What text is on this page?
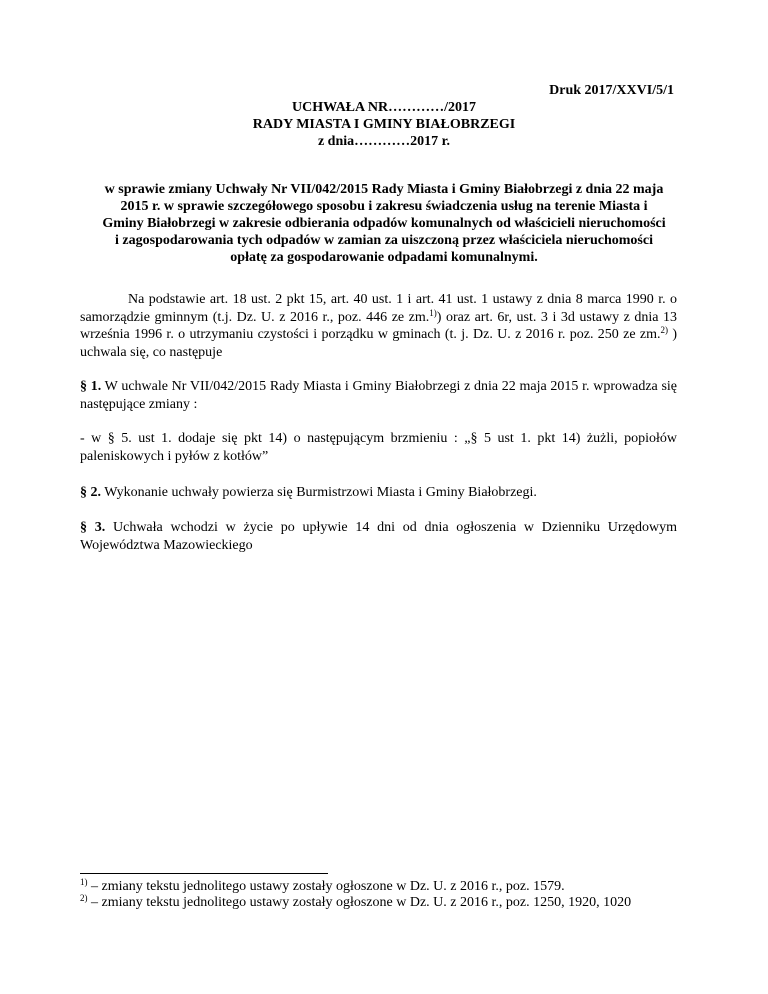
Druk 2017/XXVI/5/1
UCHWAŁA NR…………/2017
RADY MIASTA I GMINY BIAŁOBRZEGI
z dnia…………2017 r.
w sprawie zmiany Uchwały Nr VII/042/2015 Rady Miasta i Gminy Białobrzegi z dnia 22 maja 2015 r. w sprawie szczegółowego sposobu i zakresu świadczenia usług na terenie Miasta i Gminy Białobrzegi w zakresie odbierania odpadów komunalnych od właścicieli nieruchomości i zagospodarowania tych odpadów w zamian za uiszczoną przez właściciela nieruchomości opłatę za gospodarowanie odpadami komunalnymi.
Na podstawie art. 18 ust. 2 pkt 15, art. 40 ust. 1 i art. 41 ust. 1 ustawy z dnia 8 marca 1990 r. o samorządzie gminnym (t.j. Dz. U. z 2016 r., poz. 446 ze zm.$^{1)}$) oraz art. 6r, ust. 3 i 3d ustawy z dnia 13 września 1996 r. o utrzymaniu czystości i porządku w gminach (t. j. Dz. U. z 2016 r. poz. 250 ze zm.$^{2)}$ ) uchwala się, co następuje
§ 1. W uchwale Nr VII/042/2015 Rady Miasta i Gminy Białobrzegi z dnia 22 maja 2015 r. wprowadza się następujące zmiany :
- w § 5. ust 1. dodaje się pkt 14) o następującym brzmieniu : „§ 5 ust 1. pkt 14) żużli, popiołów paleniskowych i pyłów z kotłów”
§ 2. Wykonanie uchwały powierza się Burmistrzowi Miasta i Gminy Białobrzegi.
§ 3. Uchwała wchodzi w życie po upływie 14 dni od dnia ogłoszenia w Dzienniku Urzędowym Województwa Mazowieckiego

$^{1)}$ – zmiany tekstu jednolitego ustawy zostały ogłoszone w Dz. U. z 2016 r., poz. 1579.

$^{2)}$ – zmiany tekstu jednolitego ustawy zostały ogłoszone w Dz. U. z 2016 r., poz. 1250, 1920, 1020
